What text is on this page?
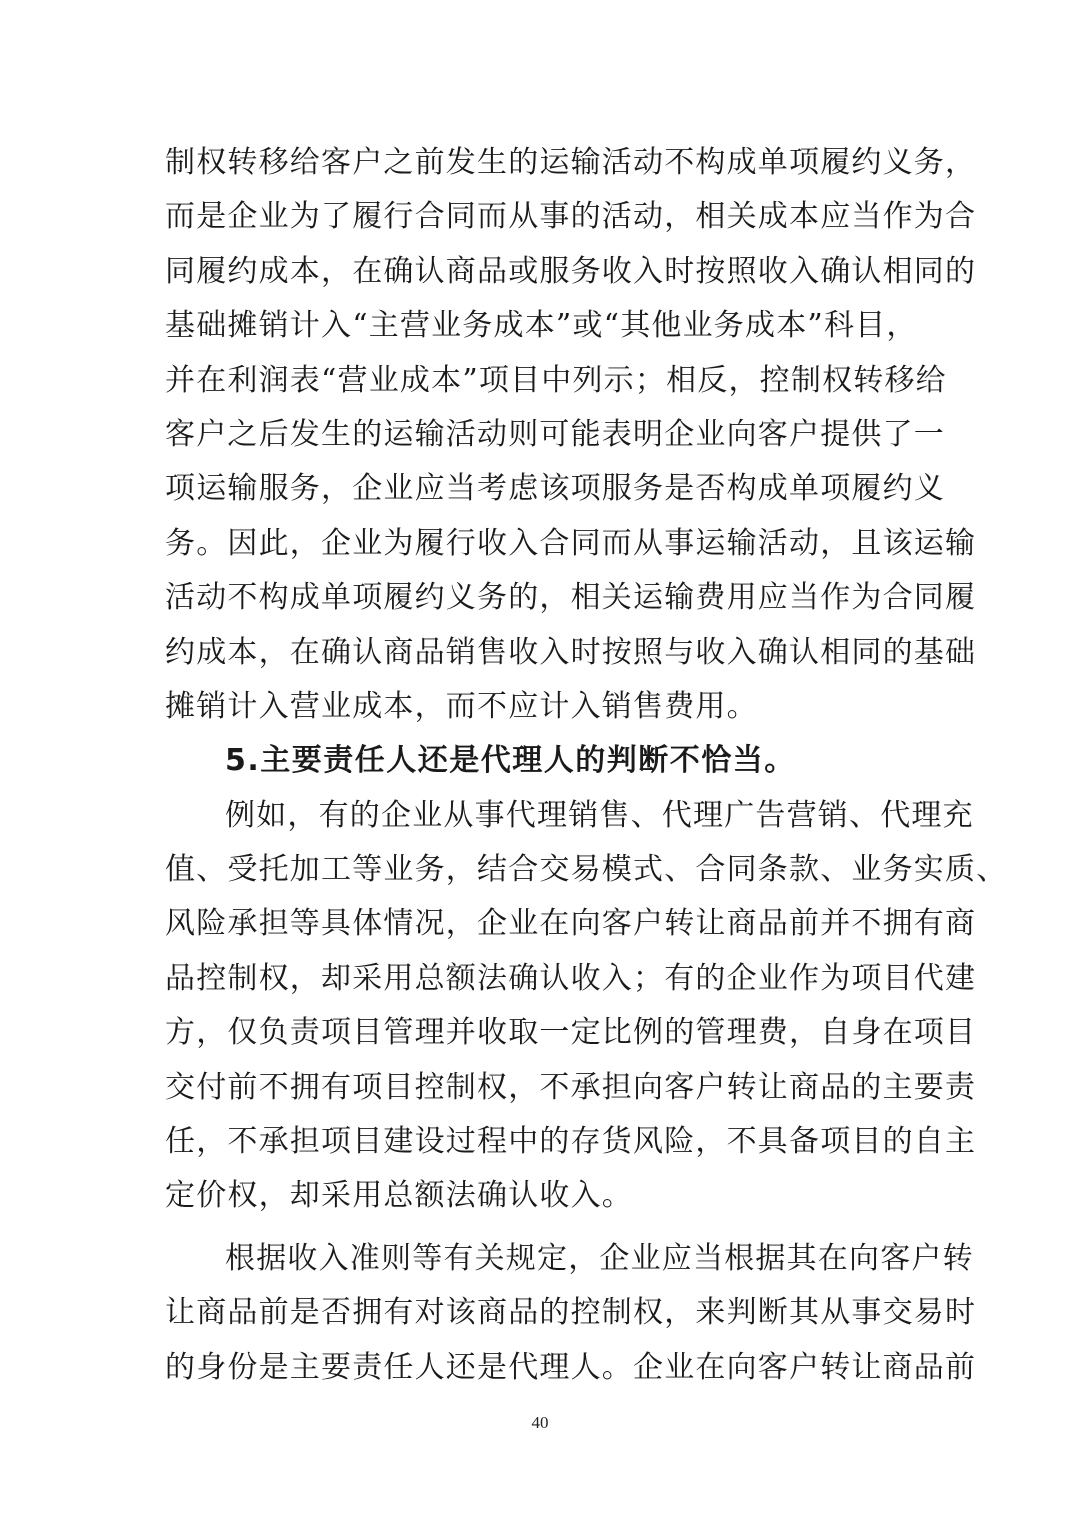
制权转移给客户之前发生的运输活动不构成单项履约义务，
而是企业为了履行合同而从事的活动，相关成本应当作为合
同履约成本，在确认商品或服务收入时按照收入确认相同的
基础摊销计入“主营业务成本”或“其他业务成本”科目，
并在利润表“营业成本”项目中列示；相反，控制权转移给
客户之后发生的运输活动则可能表明企业向客户提供了一
项运输服务，企业应当考虑该项服务是否构成单项履约义
务。因此，企业为履行收入合同而从事运输活动，且该运输
活动不构成单项履约义务的，相关运输费用应当作为合同履
约成本，在确认商品销售收入时按照与收入确认相同的基础
摊销计入营业成本，而不应计入销售费用。
5.主要责任人还是代理人的判断不恰当。
例如，有的企业从事代理销售、代理广告营销、代理充
值、受托加工等业务，结合交易模式、合同条款、业务实质、
风险承担等具体情况，企业在向客户转让商品前并不拥有商
品控制权，却采用总额法确认收入；有的企业作为项目代建
方，仅负责项目管理并收取一定比例的管理费，自身在项目
交付前不拥有项目控制权，不承担向客户转让商品的主要责
任，不承担项目建设过程中的存货风险，不具备项目的自主
定价权，却采用总额法确认收入。
根据收入准则等有关规定，企业应当根据其在向客户转
让商品前是否拥有对该商品的控制权，来判断其从事交易时
的身份是主要责任人还是代理人。企业在向客户转让商品前
40
